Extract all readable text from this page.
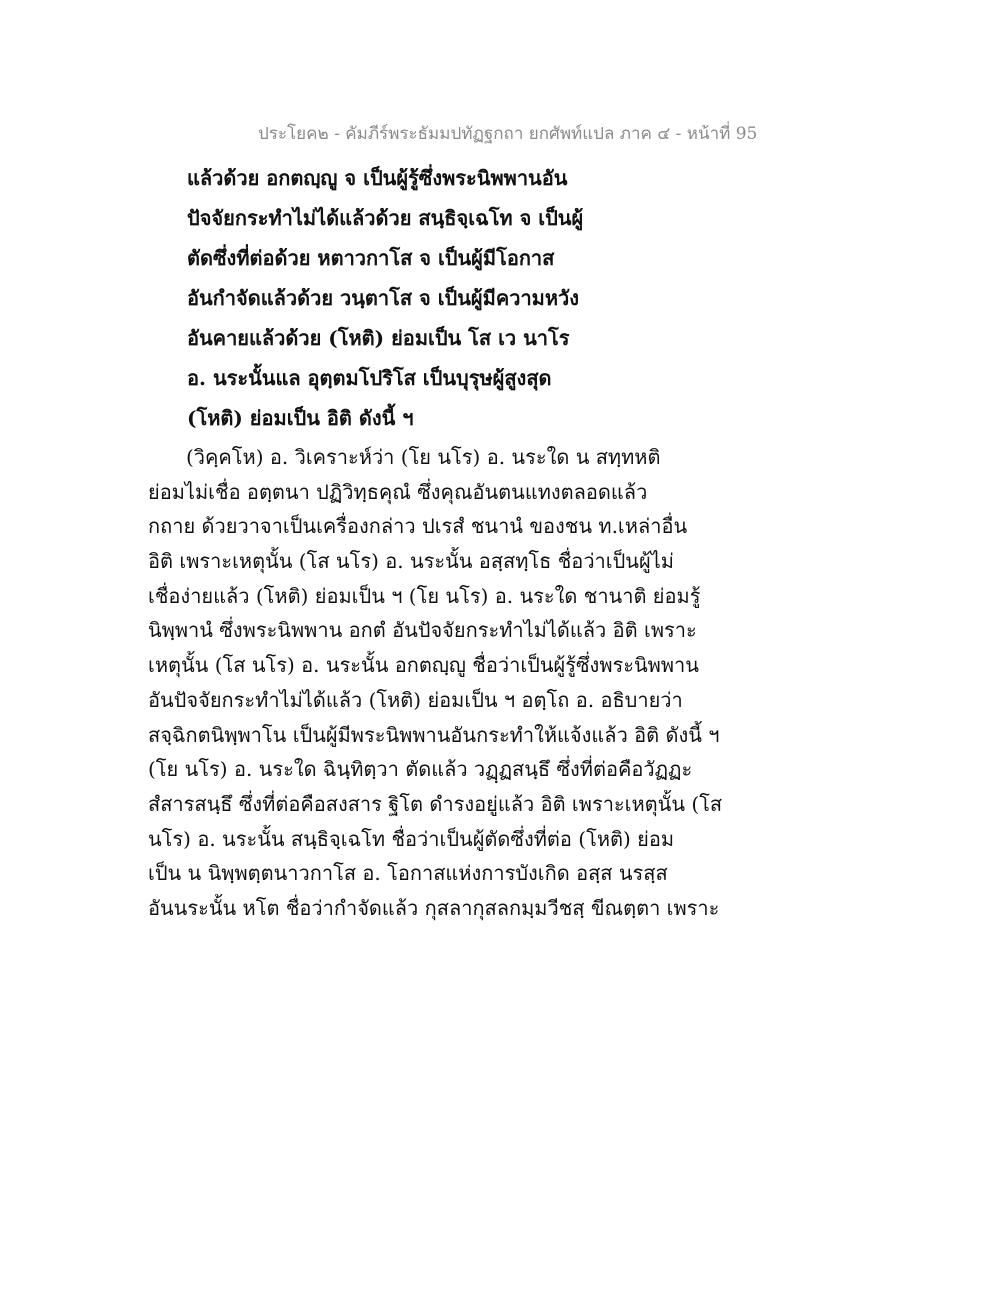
ประโยค๒ - คัมภีร์พระธัมมปทัฏฐกถา ยกศัพท์แปล ภาค ๔ - หน้าที่ 95
แล้วด้วย อกตญฺญู จ เป็นผู้รู้ซึ่งพระนิพพานอัน
ปัจจัยกระทำไม่ได้แล้วด้วย สนฺธิจฺเฉโท จ เป็นผู้
ตัดซึ่งที่ต่อด้วย หตาวกาโส จ เป็นผู้มีโอกาส
อันกำจัดแล้วด้วย วนฺตาโส จ เป็นผู้มีความหวัง
อันคายแล้วด้วย (โหติ) ย่อมเป็น โส เว นาโร
อ. นระนั้นแล อุตฺตมโปริโส เป็นบุรุษผู้สูงสุด
(โหติ) ย่อมเป็น อิติ ดังนี้ ฯ
(วิคฺคโห) อ. วิเคราะห์ว่า (โย นโร) อ. นระใด น สทฺทหติ
ย่อมไม่เชื่อ อตฺตนา ปฏิวิทฺธคุณํ ซึ่งคุณอันตนแทงตลอดแล้ว
กถาย ด้วยวาจาเป็นเครื่องกล่าว ปเรสํ ชนานํ ของชน ท.เหล่าอื่น
อิติ เพราะเหตุนั้น (โส นโร) อ. นระนั้น อสฺสทฺโธ ชื่อว่าเป็นผู้ไม่
เชื่อง่ายแล้ว (โหติ) ย่อมเป็น ฯ (โย นโร) อ. นระใด ชานาติ ย่อมรู้
นิพฺพานํ ซึ่งพระนิพพาน อกตํ อันปัจจัยกระทำไม่ได้แล้ว อิติ เพราะ
เหตุนั้น (โส นโร) อ. นระนั้น อกตญฺญู ชื่อว่าเป็นผู้รู้ซึ่งพระนิพพาน
อันปัจจัยกระทำไม่ได้แล้ว (โหติ) ย่อมเป็น ฯ อตฺโถ อ. อธิบายว่า
สจฺฉิกตนิพฺพาโน เป็นผู้มีพระนิพพานอันกระทำให้แจ้งแล้ว อิติ ดังนี้ ฯ
(โย นโร) อ. นระใด ฉินฺทิตฺวา ตัดแล้ว วฏฺฏสนฺธึ ซึ่งที่ต่อคือวัฏฏะ
สํสารสนฺธึ ซึ่งที่ต่อคือสงสาร ฐิโต ดำรงอยู่แล้ว อิติ เพราะเหตุนั้น (โส
นโร) อ. นระนั้น สนฺธิจฺเฉโท ชื่อว่าเป็นผู้ตัดซึ่งที่ต่อ (โหติ) ย่อม
เป็น น นิพฺพตฺตนาวกาโส อ. โอกาสแห่งการบังเกิด อสฺส นรสฺส
อันนระนั้น หโต ชื่อว่ากำจัดแล้ว กุสลากุสลกมฺมวีชสฺ ขีณตฺตา เพราะ
